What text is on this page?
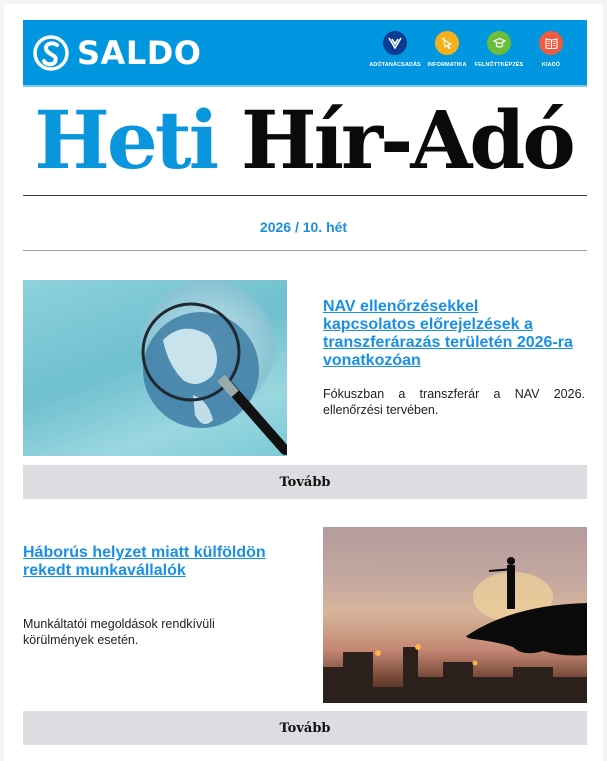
SALDO	ADÓTANÁCSADÁS INFORMATIKA FELNŐTTKÉPZÉS	KIADÓ
Heti Hír-Adó
2026 / 10. hét
NAV ellenőrzésekkel kapcsolatos előrejelzések a transzferárazás területén 2026-ra vonatkozóan
Fókuszban a transzferár a NAV 2026. ellenőrzési tervében.
Tovább
Háborús helyzet miatt külföldön rekedt munkavállalók
Munkáltatói megoldások rendkívüli körülmények esetén.
Tovább
